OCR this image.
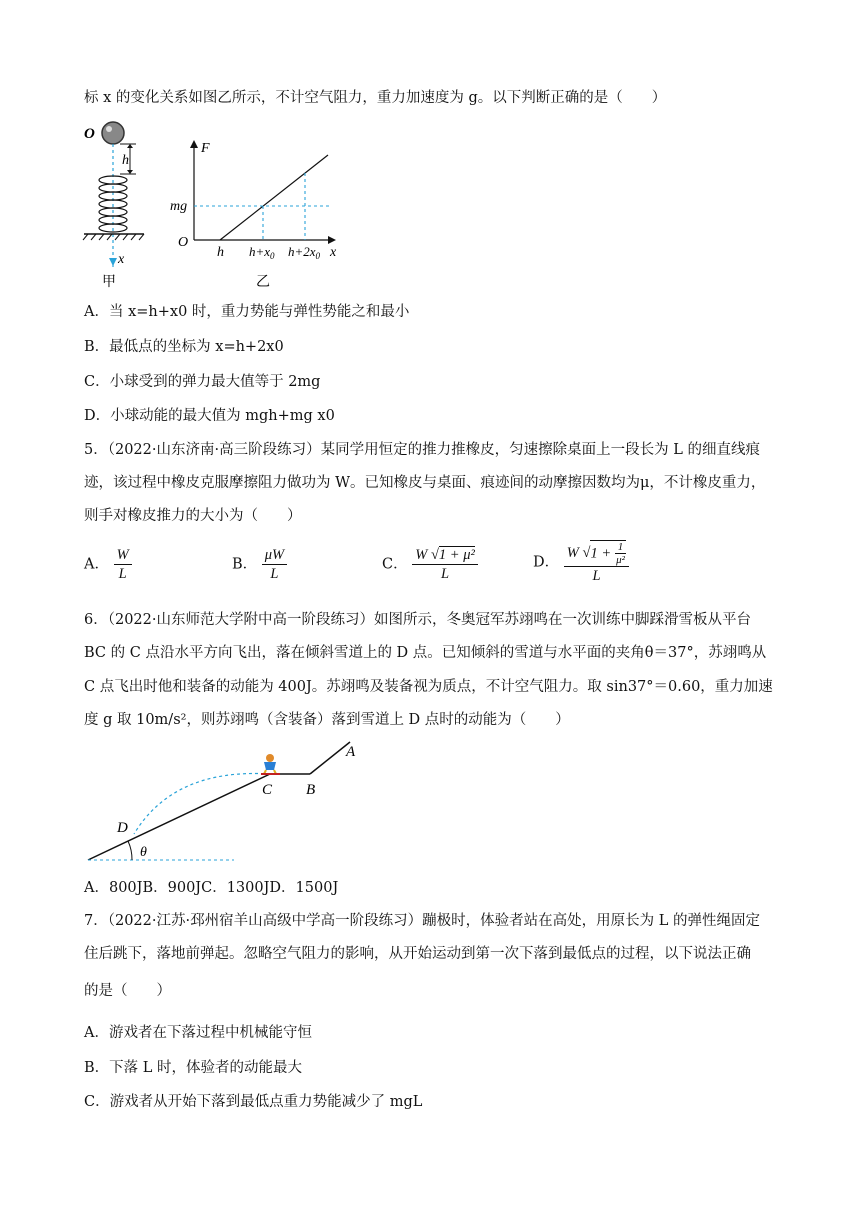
标 x 的变化关系如图乙所示，不计空气阻力，重力加速度为 g。以下判断正确的是（　　）
O
h
x
甲
F
x
O
mg
h $h+x_0$ $h+2x_0$
乙
A．当 x=h+x0 时，重力势能与弹性势能之和最小
B．最低点的坐标为 x=h+2x0
C．小球受到的弹力最大值等于 2mg
D．小球动能的最大值为 mgh+mg x0
5．（2022·山东济南·高三阶段练习）某同学用恒定的推力推橡皮，匀速擦除桌面上一段长为 L 的细直线痕
迹，该过程中橡皮克服摩擦阻力做功为 W。已知橡皮与桌面、痕迹间的动摩擦因数均为μ，不计橡皮重力，
则手对橡皮推力的大小为（　　）
A． $\frac{W}{L}$	B． $\frac{\mu W}{L}$	C． $\frac{\text{W √1 + μ²}}{L}$	D． $\frac{W √1 + \frac{1}{\text{μ²}}}{L}$
6．（2022·山东师范大学附中高一阶段练习）如图所示，冬奥冠军苏翊鸣在一次训练中脚踩滑雪板从平台
BC 的 C 点沿水平方向飞出，落在倾斜雪道上的 D 点。已知倾斜的雪道与水平面的夹角θ＝37°，苏翊鸣从
C 点飞出时他和装备的动能为 400J。苏翊鸣及装备视为质点，不计空气阻力。取 sin37°＝0.60，重力加速
度 g 取 10m/s²，则苏翊鸣（含装备）落到雪道上 D 点时的动能为（　　）
A
B
C
D
θ
A．800JB．900JC．1300JD．1500J
7．（2022·江苏·邳州宿羊山高级中学高一阶段练习）蹦极时，体验者站在高处，用原长为 L 的弹性绳固定
住后跳下，落地前弹起。忽略空气阻力的影响，从开始运动到第一次下落到最低点的过程，以下说法正确
的是（　　）
A．游戏者在下落过程中机械能守恒
B．下落 L 时，体验者的动能最大
C．游戏者从开始下落到最低点重力势能减少了 mgL
